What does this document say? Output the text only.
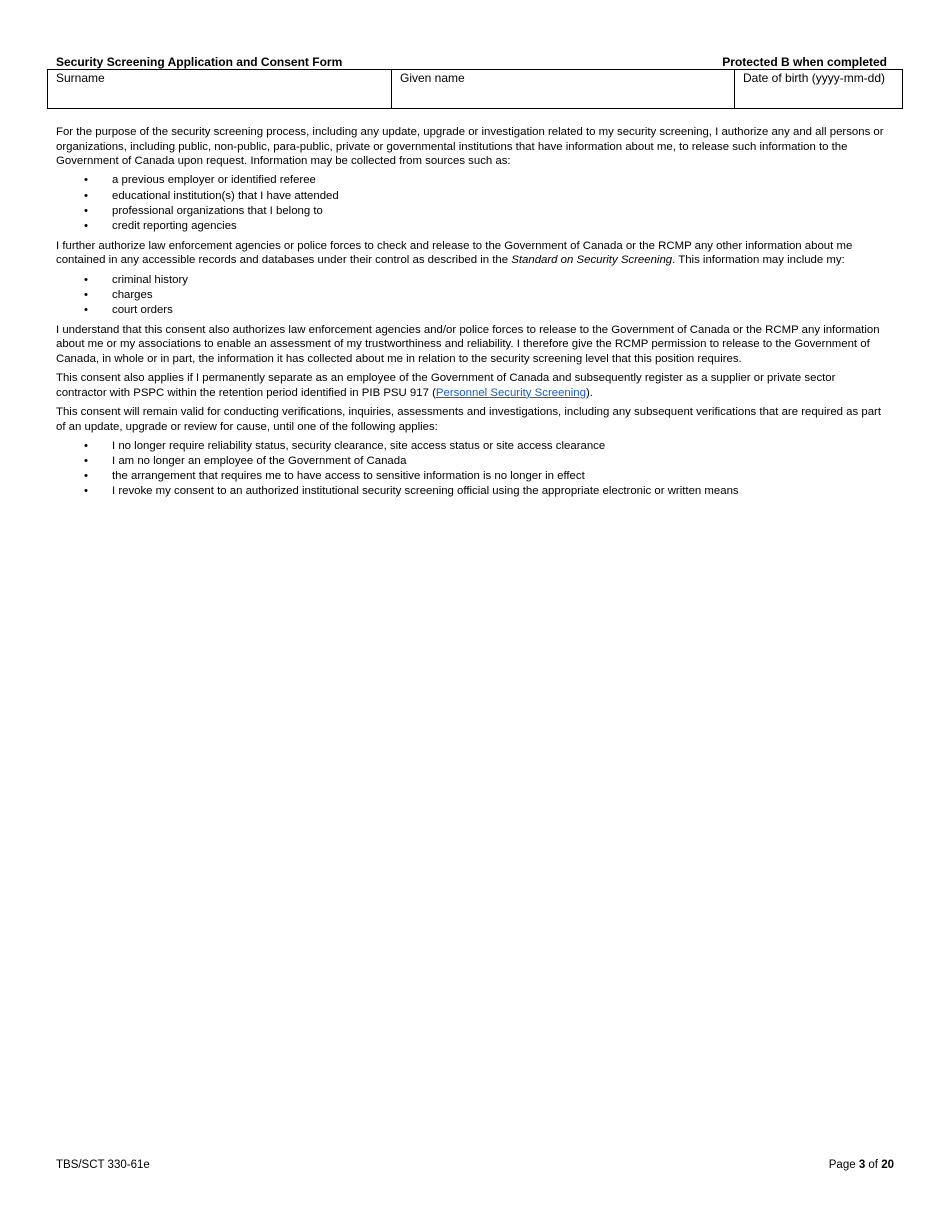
Security Screening Application and Consent Form	Protected B when completed
Surname	Given name	Date of birth (yyyy-mm-dd)

For the purpose of the security screening process, including any update, upgrade or investigation related to my security screening, I authorize any and all persons or organizations, including public, non-public, para-public, private or governmental institutions that have information about me, to release such information to the Government of Canada upon request. Information may be collected from sources such as:

• a previous employer or identified referee
• educational institution(s) that I have attended
• professional organizations that I belong to
• credit reporting agencies

I further authorize law enforcement agencies or police forces to check and release to the Government of Canada or the RCMP any other information about me contained in any accessible records and databases under their control as described in the Standard on Security Screening. This information may include my:

• criminal history
• charges
• court orders

I understand that this consent also authorizes law enforcement agencies and/or police forces to release to the Government of Canada or the RCMP any information about me or my associations to enable an assessment of my trustworthiness and reliability. I therefore give the RCMP permission to release to the Government of Canada, in whole or in part, the information it has collected about me in relation to the security screening level that this position requires.

This consent also applies if I permanently separate as an employee of the Government of Canada and subsequently register as a supplier or private sector contractor with PSPC within the retention period identified in PIB PSU 917 (Personnel Security Screening).

This consent will remain valid for conducting verifications, inquiries, assessments and investigations, including any subsequent verifications that are required as part of an update, upgrade or review for cause, until one of the following applies:

• I no longer require reliability status, security clearance, site access status or site access clearance
• I am no longer an employee of the Government of Canada
• the arrangement that requires me to have access to sensitive information is no longer in effect
• I revoke my consent to an authorized institutional security screening official using the appropriate electronic or written means
TBS/SCT 330-61e	Page 3 of 20
